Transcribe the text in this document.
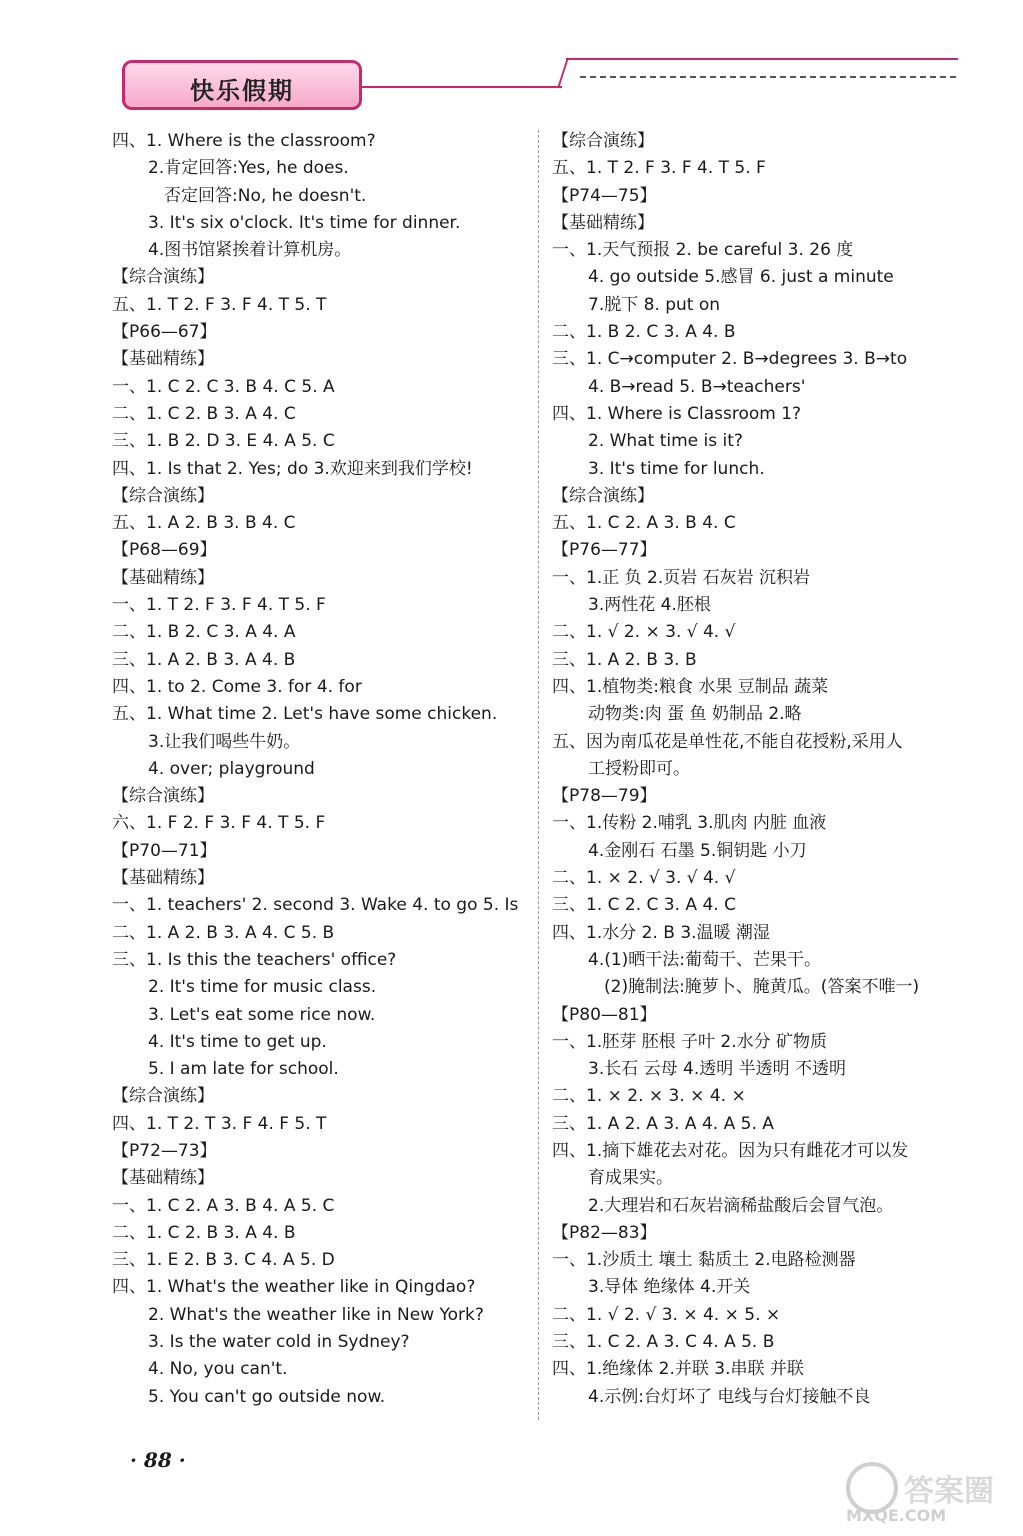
快乐假期
四、1. Where is the classroom?
2.肯定回答:Yes, he does.
否定回答:No, he doesn't.
3. It's six o'clock. It's time for dinner.
4.图书馆紧挨着计算机房。
【综合演练】
五、1. T 2. F 3. F 4. T 5. T
【P66—67】
【基础精练】
一、1. C 2. C 3. B 4. C 5. A
二、1. C 2. B 3. A 4. C
三、1. B 2. D 3. E 4. A 5. C
四、1. Is that 2. Yes; do 3.欢迎来到我们学校!
【综合演练】
五、1. A 2. B 3. B 4. C
【P68—69】
【基础精练】
一、1. T 2. F 3. F 4. T 5. F
二、1. B 2. C 3. A 4. A
三、1. A 2. B 3. A 4. B
四、1. to 2. Come 3. for 4. for
五、1. What time 2. Let's have some chicken.
3.让我们喝些牛奶。
4. over; playground
【综合演练】
六、1. F 2. F 3. F 4. T 5. F
【P70—71】
【基础精练】
一、1. teachers' 2. second 3. Wake 4. to go 5. Is
二、1. A 2. B 3. A 4. C 5. B
三、1. Is this the teachers' office?
2. It's time for music class.
3. Let's eat some rice now.
4. It's time to get up.
5. I am late for school.
【综合演练】
四、1. T 2. T 3. F 4. F 5. T
【P72—73】
【基础精练】
一、1. C 2. A 3. B 4. A 5. C
二、1. C 2. B 3. A 4. B
三、1. E 2. B 3. C 4. A 5. D
四、1. What's the weather like in Qingdao?
2. What's the weather like in New York?
3. Is the water cold in Sydney?
4. No, you can't.
5. You can't go outside now.
【综合演练】
五、1. T 2. F 3. F 4. T 5. F
【P74—75】
【基础精练】
一、1.天气预报 2. be careful 3. 26 度
4. go outside 5.感冒 6. just a minute
7.脱下 8. put on
二、1. B 2. C 3. A 4. B
三、1. C→computer 2. B→degrees 3. B→to
4. B→read 5. B→teachers'
四、1. Where is Classroom 1?
2. What time is it?
3. It's time for lunch.
【综合演练】
五、1. C 2. A 3. B 4. C
【P76—77】
一、1.正 负 2.页岩 石灰岩 沉积岩
3.两性花 4.胚根
二、1. √ 2. × 3. √ 4. √
三、1. A 2. B 3. B
四、1.植物类:粮食 水果 豆制品 蔬菜
动物类:肉 蛋 鱼 奶制品 2.略
五、因为南瓜花是单性花,不能自花授粉,采用人
工授粉即可。
【P78—79】
一、1.传粉 2.哺乳 3.肌肉 内脏 血液
4.金刚石 石墨 5.铜钥匙 小刀
二、1. × 2. √ 3. √ 4. √
三、1. C 2. C 3. A 4. C
四、1.水分 2. B 3.温暖 潮湿
4.(1)晒干法:葡萄干、芒果干。
(2)腌制法:腌萝卜、腌黄瓜。(答案不唯一)
【P80—81】
一、1.胚芽 胚根 子叶 2.水分 矿物质
3.长石 云母 4.透明 半透明 不透明
二、1. × 2. × 3. × 4. ×
三、1. A 2. A 3. A 4. A 5. A
四、1.摘下雄花去对花。因为只有雌花才可以发
育成果实。
2.大理岩和石灰岩滴稀盐酸后会冒气泡。
【P82—83】
一、1.沙质土 壤土 黏质土 2.电路检测器
3.导体 绝缘体 4.开关
二、1. √ 2. √ 3. × 4. × 5. ×
三、1. C 2. A 3. C 4. A 5. B
四、1.绝缘体 2.并联 3.串联 并联
4.示例:台灯坏了 电线与台灯接触不良
· 88 ·
答案圈
MXQE.COM
